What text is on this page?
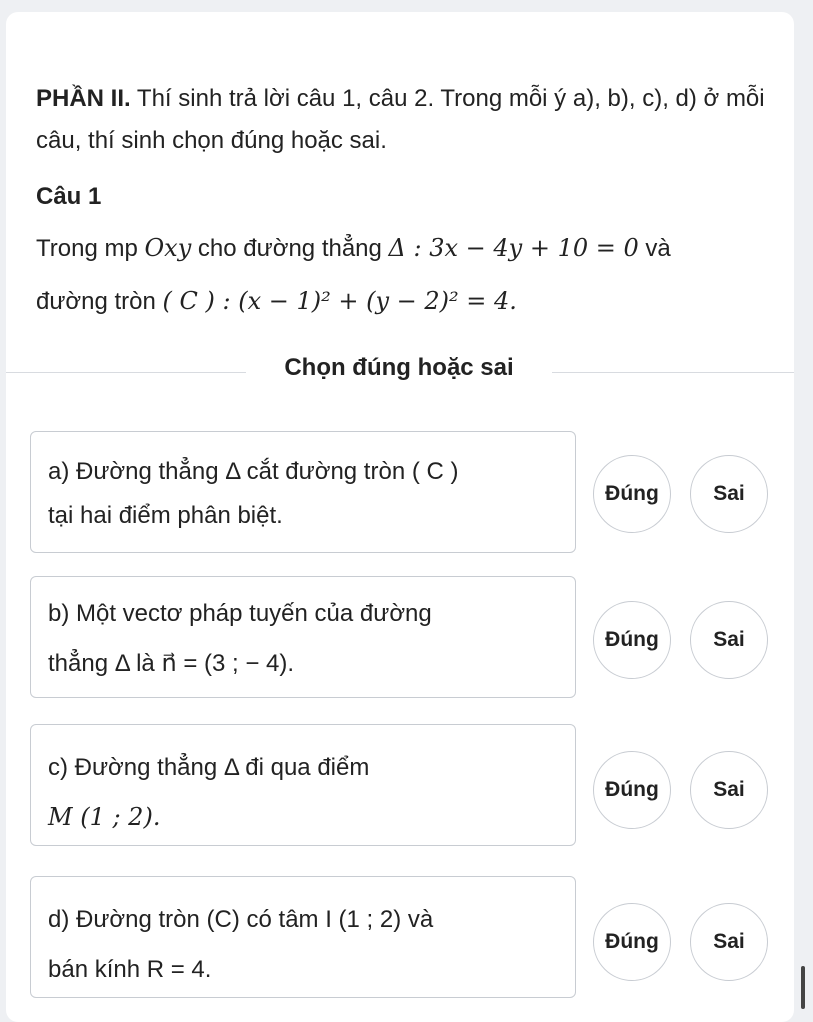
PHẦN II. Thí sinh trả lời câu 1, câu 2. Trong mỗi ý a), b), c), d) ở mỗi câu, thí sinh chọn đúng hoặc sai.
Câu 1
Trong mp Oxy cho đường thẳng Δ : 3x − 4y + 10 = 0 và
đường tròn ( C ) : (x − 1)² + (y − 2)² = 4.
Chọn đúng hoặc sai
a) Đường thẳng Δ cắt đường tròn ( C )
tại hai điểm phân biệt.
Đúng	Sai
b) Một vectơ pháp tuyến của đường
thẳng Δ là n⃗ = (3 ; − 4).
Đúng	Sai
c) Đường thẳng Δ đi qua điểm
M (1 ; 2).
Đúng	Sai
d) Đường tròn (C) có tâm I (1 ; 2) và
bán kính R = 4.
Đúng	Sai
